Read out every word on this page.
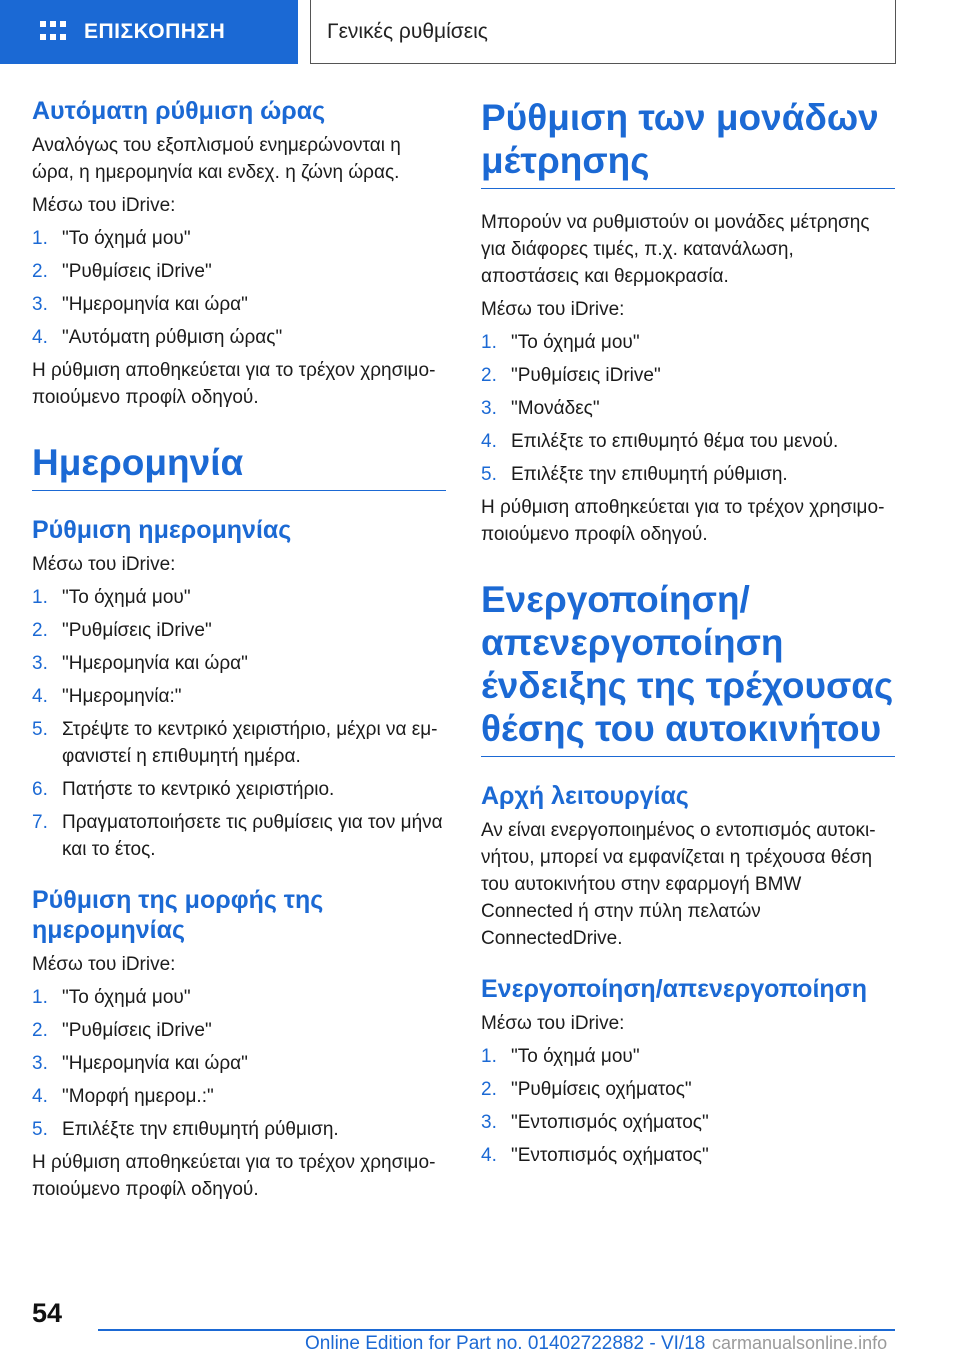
ΕΠΙΣΚΟΠΗΣΗ	Γενικές ρυθμίσεις
Αυτόματη ρύθμιση ώρας

Αναλόγως του εξοπλισμού ενημερώνονται η ώρα, η ημερομηνία και ενδεχ. η ζώνη ώρας.

Μέσω του iDrive:

1. "Το όχημά μου"
2. "Ρυθμίσεις iDrive"
3. "Ημερομηνία και ώρα"
4. "Αυτόματη ρύθμιση ώρας"

Η ρύθμιση αποθηκεύεται για το τρέχον χρησιμοποιούμενο προφίλ οδηγού.

Ημερομηνία
Ρύθμιση ημερομηνίας

Μέσω του iDrive:

1. "Το όχημά μου"
2. "Ρυθμίσεις iDrive"
3. "Ημερομηνία και ώρα"
4. "Ημερομηνία:"
5. Στρέψτε το κεντρικό χειριστήριο, μέχρι να εμφανιστεί η επιθυμητή ημέρα.
6. Πατήστε το κεντρικό χειριστήριο.
7. Πραγματοποιήσετε τις ρυθμίσεις για τον μήνα και το έτος.
Ρύθμιση της μορφής της ημερομηνίας

Μέσω του iDrive:

1. "Το όχημά μου"
2. "Ρυθμίσεις iDrive"
3. "Ημερομηνία και ώρα"
4. "Μορφή ημερομ.:"
5. Επιλέξτε την επιθυμητή ρύθμιση.

Η ρύθμιση αποθηκεύεται για το τρέχον χρησιμοποιούμενο προφίλ οδηγού.

Ρύθμιση των μονάδων μέτρησης

Μπορούν να ρυθμιστούν οι μονάδες μέτρησης για διάφορες τιμές, π.χ. κατανάλωση, αποστάσεις και θερμοκρασία.

Μέσω του iDrive:

1. "Το όχημά μου"
2. "Ρυθμίσεις iDrive"
3. "Μονάδες"
4. Επιλέξτε το επιθυμητό θέμα του μενού.
5. Επιλέξτε την επιθυμητή ρύθμιση.

Η ρύθμιση αποθηκεύεται για το τρέχον χρησιμοποιούμενο προφίλ οδηγού.

Ενεργοποίηση/ απενεργοποίηση ένδειξης της τρέχουσας θέσης του αυτοκινήτου
Αρχή λειτουργίας

Αν είναι ενεργοποιημένος ο εντοπισμός αυτοκινήτου, μπορεί να εμφανίζεται η τρέχουσα θέση του αυτοκινήτου στην εφαρμογή BMW Connected ή στην πύλη πελατών ConnectedDrive.

Ενεργοποίηση/απενεργοποίηση

Μέσω του iDrive:

1. "Το όχημά μου"
2. "Ρυθμίσεις οχήματος"
3. "Εντοπισμός οχήματος"
4. "Εντοπισμός οχήματος"
54
Online Edition for Part no. 01402722882 - VI/18 carmanualsonline.info
